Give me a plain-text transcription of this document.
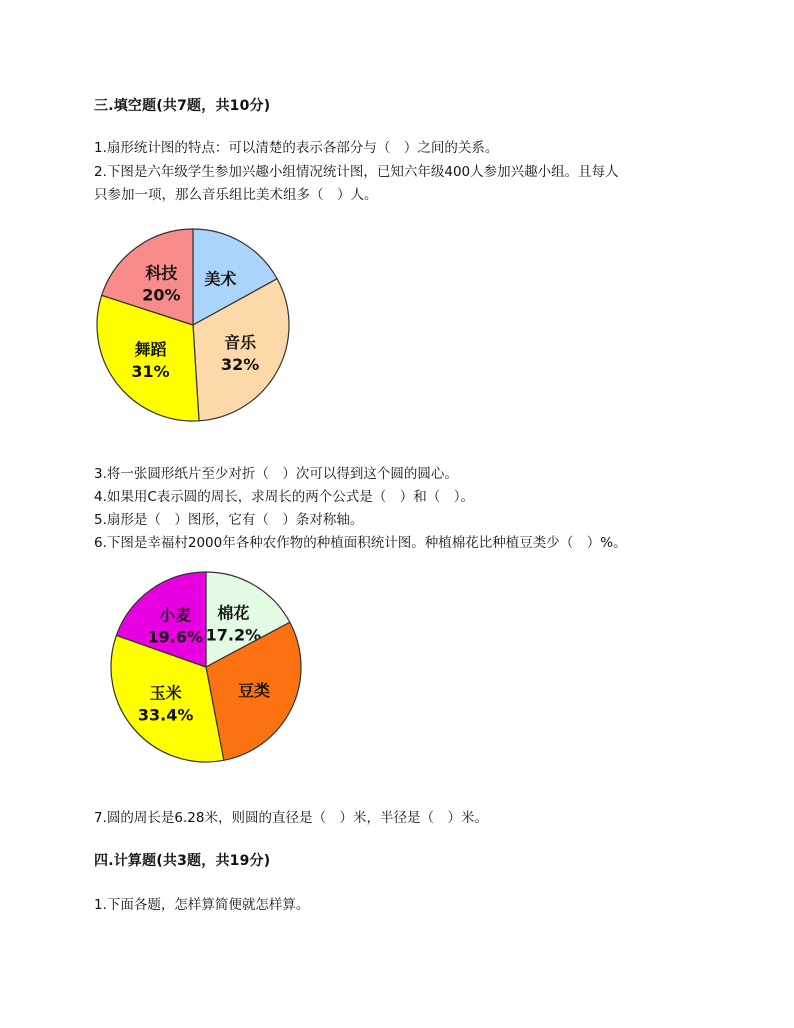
三.填空题(共7题，共10分)
1.扇形统计图的特点：可以清楚的表示各部分与（　）之间的关系。
2.下图是六年级学生参加兴趣小组情况统计图，已知六年级400人参加兴趣小组。且每人
只参加一项，那么音乐组比美术组多（　）人。
美术
音乐
32%
舞蹈
31%
科技
20%
3.将一张圆形纸片至少对折（　）次可以得到这个圆的圆心。
4.如果用C表示圆的周长，求周长的两个公式是（　）和（　）。
5.扇形是（　）图形，它有（　）条对称轴。
6.下图是幸福村2000年各种农作物的种植面积统计图。种植棉花比种植豆类少（　）%。
棉花
17.2%
豆类
玉米
33.4%
小麦
19.6%
7.圆的周长是6.28米，则圆的直径是（　）米，半径是（　）米。
四.计算题(共3题，共19分)
1.下面各题，怎样算简便就怎样算。
